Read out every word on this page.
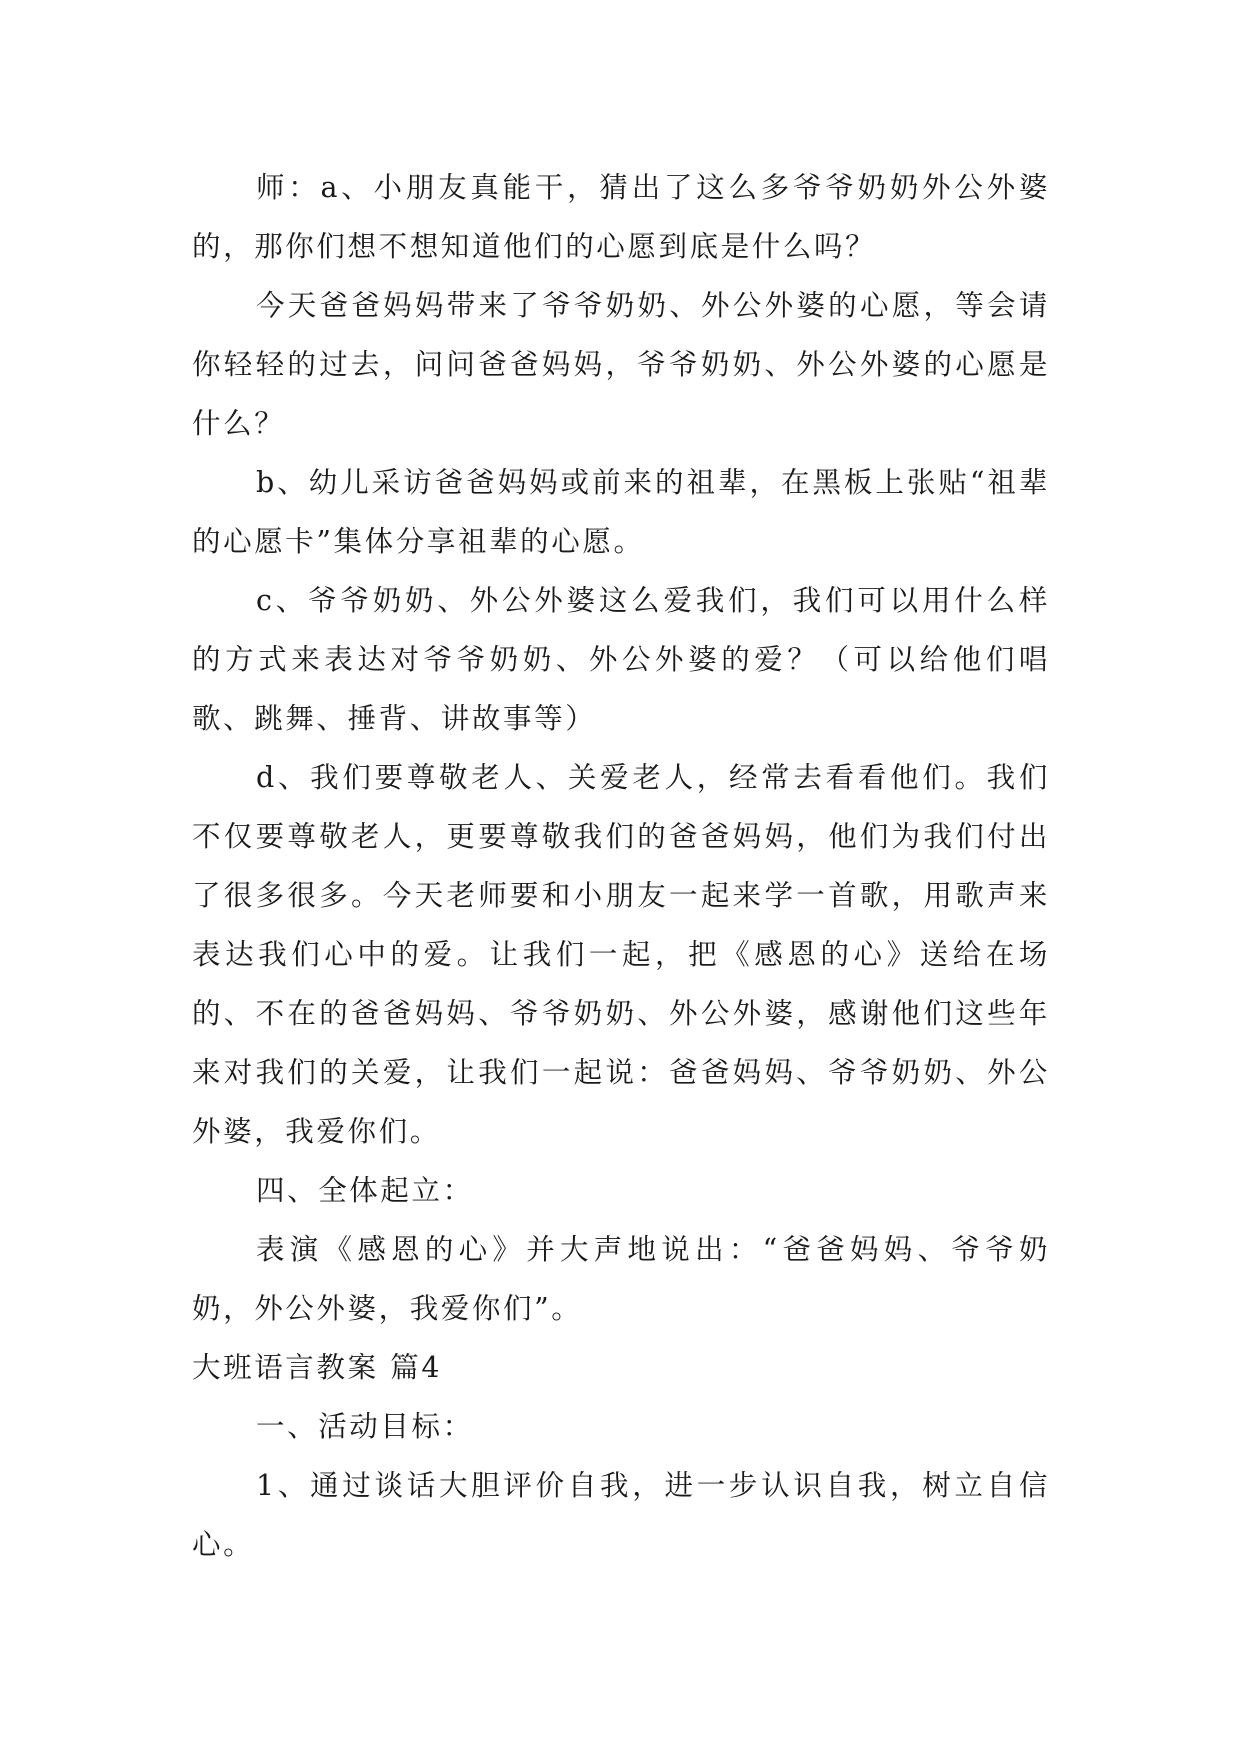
师：a、小朋友真能干，猜出了这么多爷爷奶奶外公外婆的，那你们想不想知道他们的心愿到底是什么吗？

今天爸爸妈妈带来了爷爷奶奶、外公外婆的心愿，等会请你轻轻的过去，问问爸爸妈妈，爷爷奶奶、外公外婆的心愿是什么？

b、幼儿采访爸爸妈妈或前来的祖辈，在黑板上张贴“祖辈的心愿卡”集体分享祖辈的心愿。

c、爷爷奶奶、外公外婆这么爱我们，我们可以用什么样的方式来表达对爷爷奶奶、外公外婆的爱？（可以给他们唱歌、跳舞、捶背、讲故事等）

d、我们要尊敬老人、关爱老人，经常去看看他们。我们不仅要尊敬老人，更要尊敬我们的爸爸妈妈，他们为我们付出了很多很多。今天老师要和小朋友一起来学一首歌，用歌声来表达我们心中的爱。让我们一起，把《感恩的心》送给在场的、不在的爸爸妈妈、爷爷奶奶、外公外婆，感谢他们这些年来对我们的关爱，让我们一起说：爸爸妈妈、爷爷奶奶、外公外婆，我爱你们。

四、全体起立：

表演《感恩的心》并大声地说出：“爸爸妈妈、爷爷奶奶，外公外婆，我爱你们”。

大班语言教案 篇4

一、活动目标：

1、通过谈话大胆评价自我，进一步认识自我，树立自信心。
